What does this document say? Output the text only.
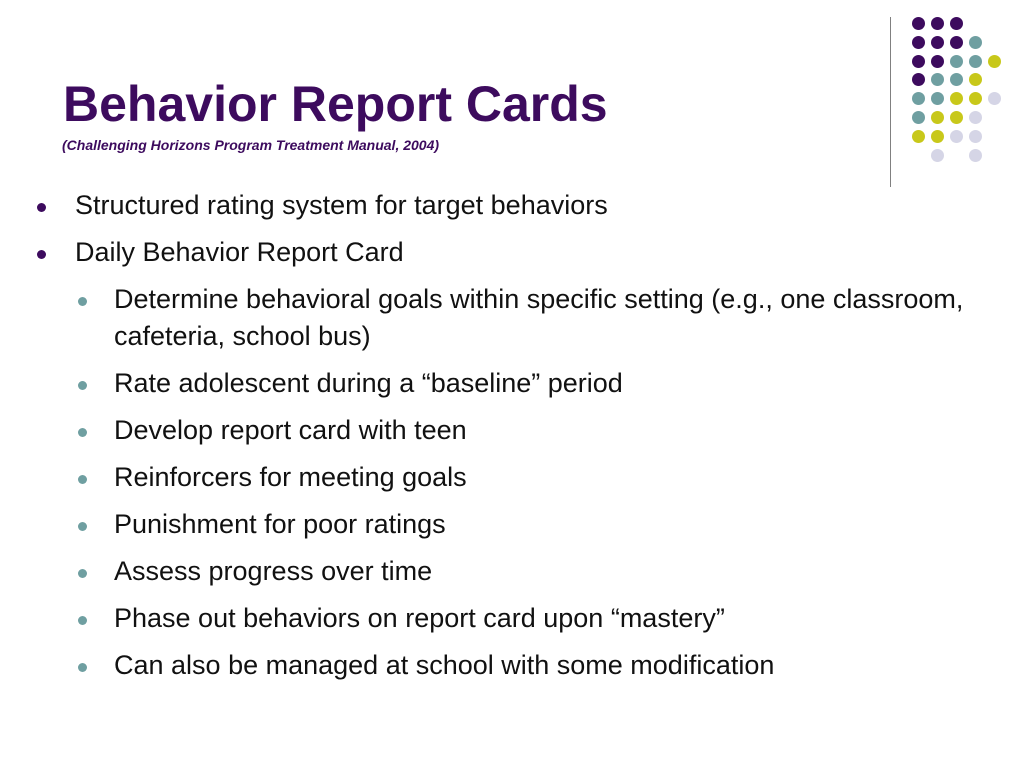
Behavior Report Cards
(Challenging Horizons Program Treatment Manual, 2004)
Structured rating system for target behaviors
Daily Behavior Report Card
Determine behavioral goals within specific setting (e.g., one classroom, cafeteria, school bus)
Rate adolescent during a “baseline” period
Develop report card with teen
Reinforcers for meeting goals
Punishment for poor ratings
Assess progress over time
Phase out behaviors on report card upon “mastery”
Can also be managed at school with some modification
